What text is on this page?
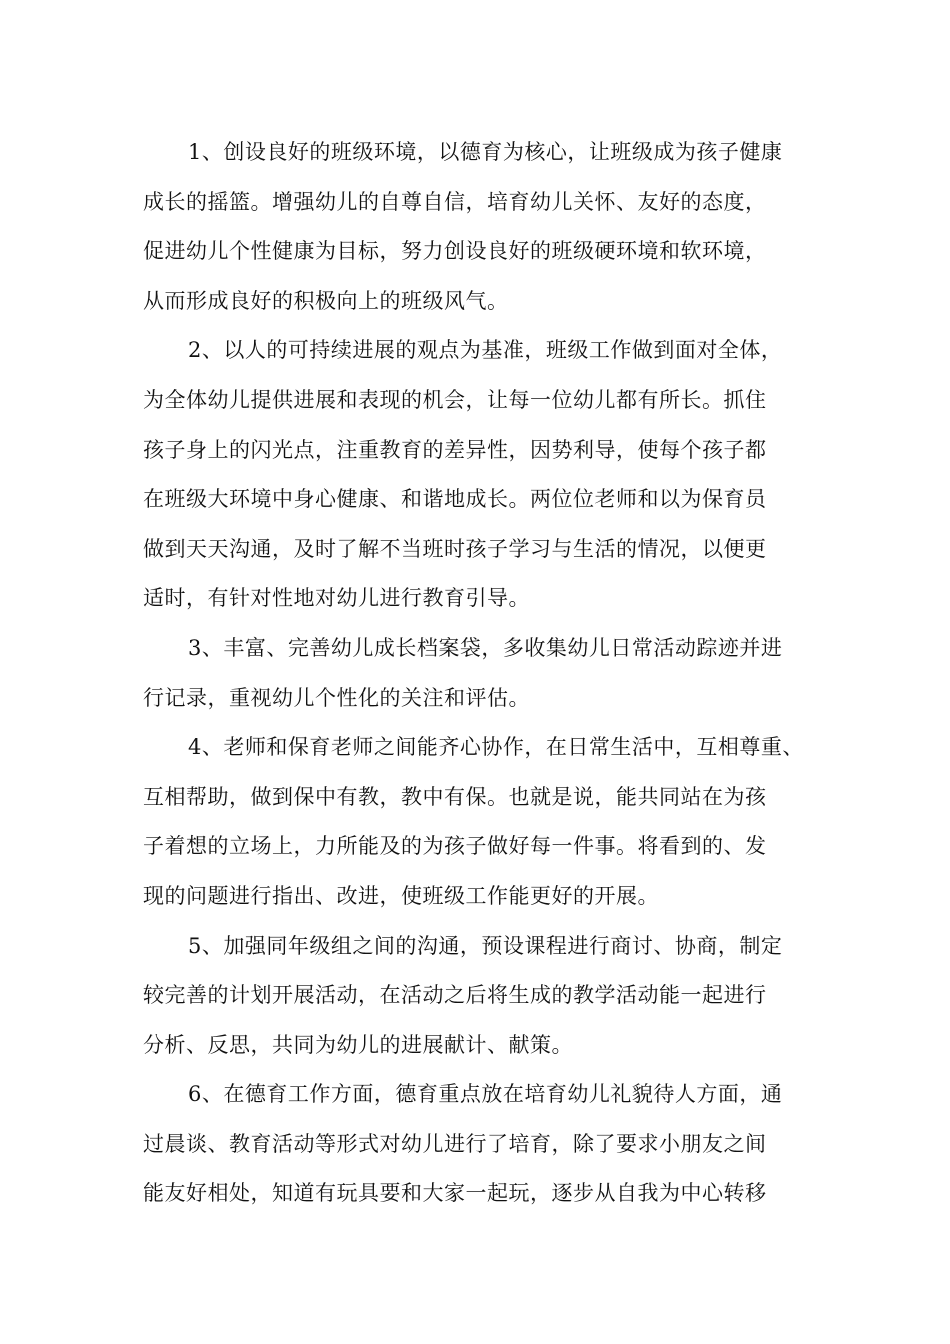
1、创设良好的班级环境，以德育为核心，让班级成为孩子健康
成长的摇篮。增强幼儿的自尊自信，培育幼儿关怀、友好的态度，
促进幼儿个性健康为目标，努力创设良好的班级硬环境和软环境，
从而形成良好的积极向上的班级风气。
2、以人的可持续进展的观点为基准，班级工作做到面对全体，
为全体幼儿提供进展和表现的机会，让每一位幼儿都有所长。抓住
孩子身上的闪光点，注重教育的差异性，因势利导，使每个孩子都
在班级大环境中身心健康、和谐地成长。两位位老师和以为保育员
做到天天沟通，及时了解不当班时孩子学习与生活的情况，以便更
适时，有针对性地对幼儿进行教育引导。
3、丰富、完善幼儿成长档案袋，多收集幼儿日常活动踪迹并进
行记录，重视幼儿个性化的关注和评估。
4、老师和保育老师之间能齐心协作，在日常生活中，互相尊重、
互相帮助，做到保中有教，教中有保。也就是说，能共同站在为孩
子着想的立场上，力所能及的为孩子做好每一件事。将看到的、发
现的问题进行指出、改进，使班级工作能更好的开展。
5、加强同年级组之间的沟通，预设课程进行商讨、协商，制定
较完善的计划开展活动，在活动之后将生成的教学活动能一起进行
分析、反思，共同为幼儿的进展献计、献策。
6、在德育工作方面，德育重点放在培育幼儿礼貌待人方面，通
过晨谈、教育活动等形式对幼儿进行了培育，除了要求小朋友之间
能友好相处，知道有玩具要和大家一起玩，逐步从自我为中心转移
